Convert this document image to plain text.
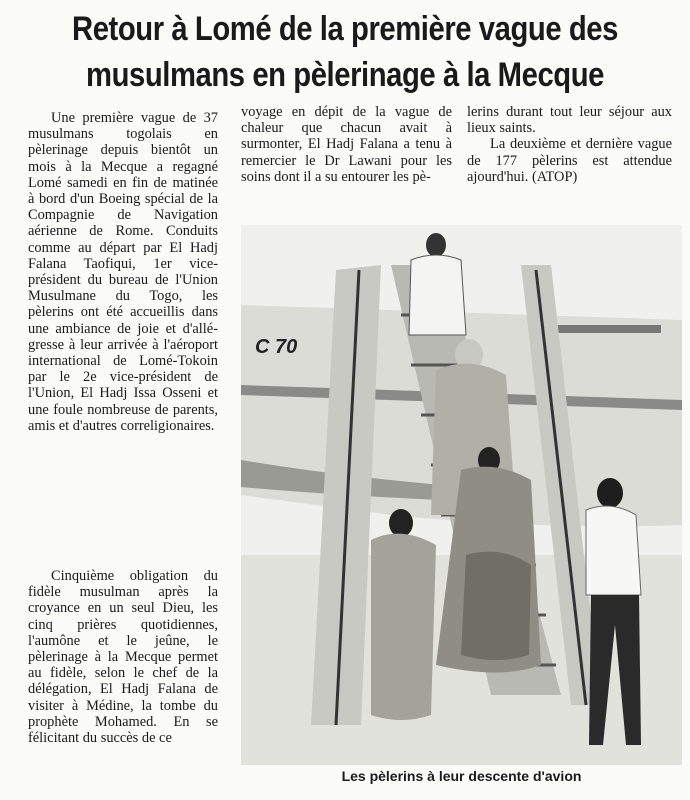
Retour à Lomé de la première vague des
musulmans en pèlerinage à la Mecque

Une première vague de 37 musulmans togolais en pèlerinage depuis bientôt un mois à la Mecque a regagné Lomé samedi en fin de matinée à bord d'un Boeing spécial de la Compagnie de Navigation aérienne de Rome. Conduits comme au départ par El Hadj Falana Taofiqui, 1er vice-président du bureau de l'Union Musulmane du Togo, les pèlerins ont été accueillis dans une ambiance de joie et d'allégresse à leur arrivée à l'aéroport international de Lomé-Tokoin par le 2e vice-président de l'Union, El Hadj Issa Osseni et une foule nombreuse de parents, amis et d'autres correligionaires.

Cinquième obligation du fidèle musulman après la croyance en un seul Dieu, les cinq prières quotidiennes, l'aumône et le jeûne, le pèlerinage à la Mecque permet au fidèle, selon le chef de la délégation, El Hadj Falana de visiter à Médine, la tombe du prophète Mohamed. En se félicitant du succès de ce

voyage en dépit de la vague de chaleur que chacun avait à surmonter, El Hadj Falana a tenu à remercier le Dr Lawani pour les soins dont il a su entourer les pè-

lerins durant tout leur séjour aux lieux saints.

La deuxième et dernière vague de 177 pèlerins est attendue ajourd'hui. (ATOP)

C 70
Les pèlerins à leur descente d'avion
